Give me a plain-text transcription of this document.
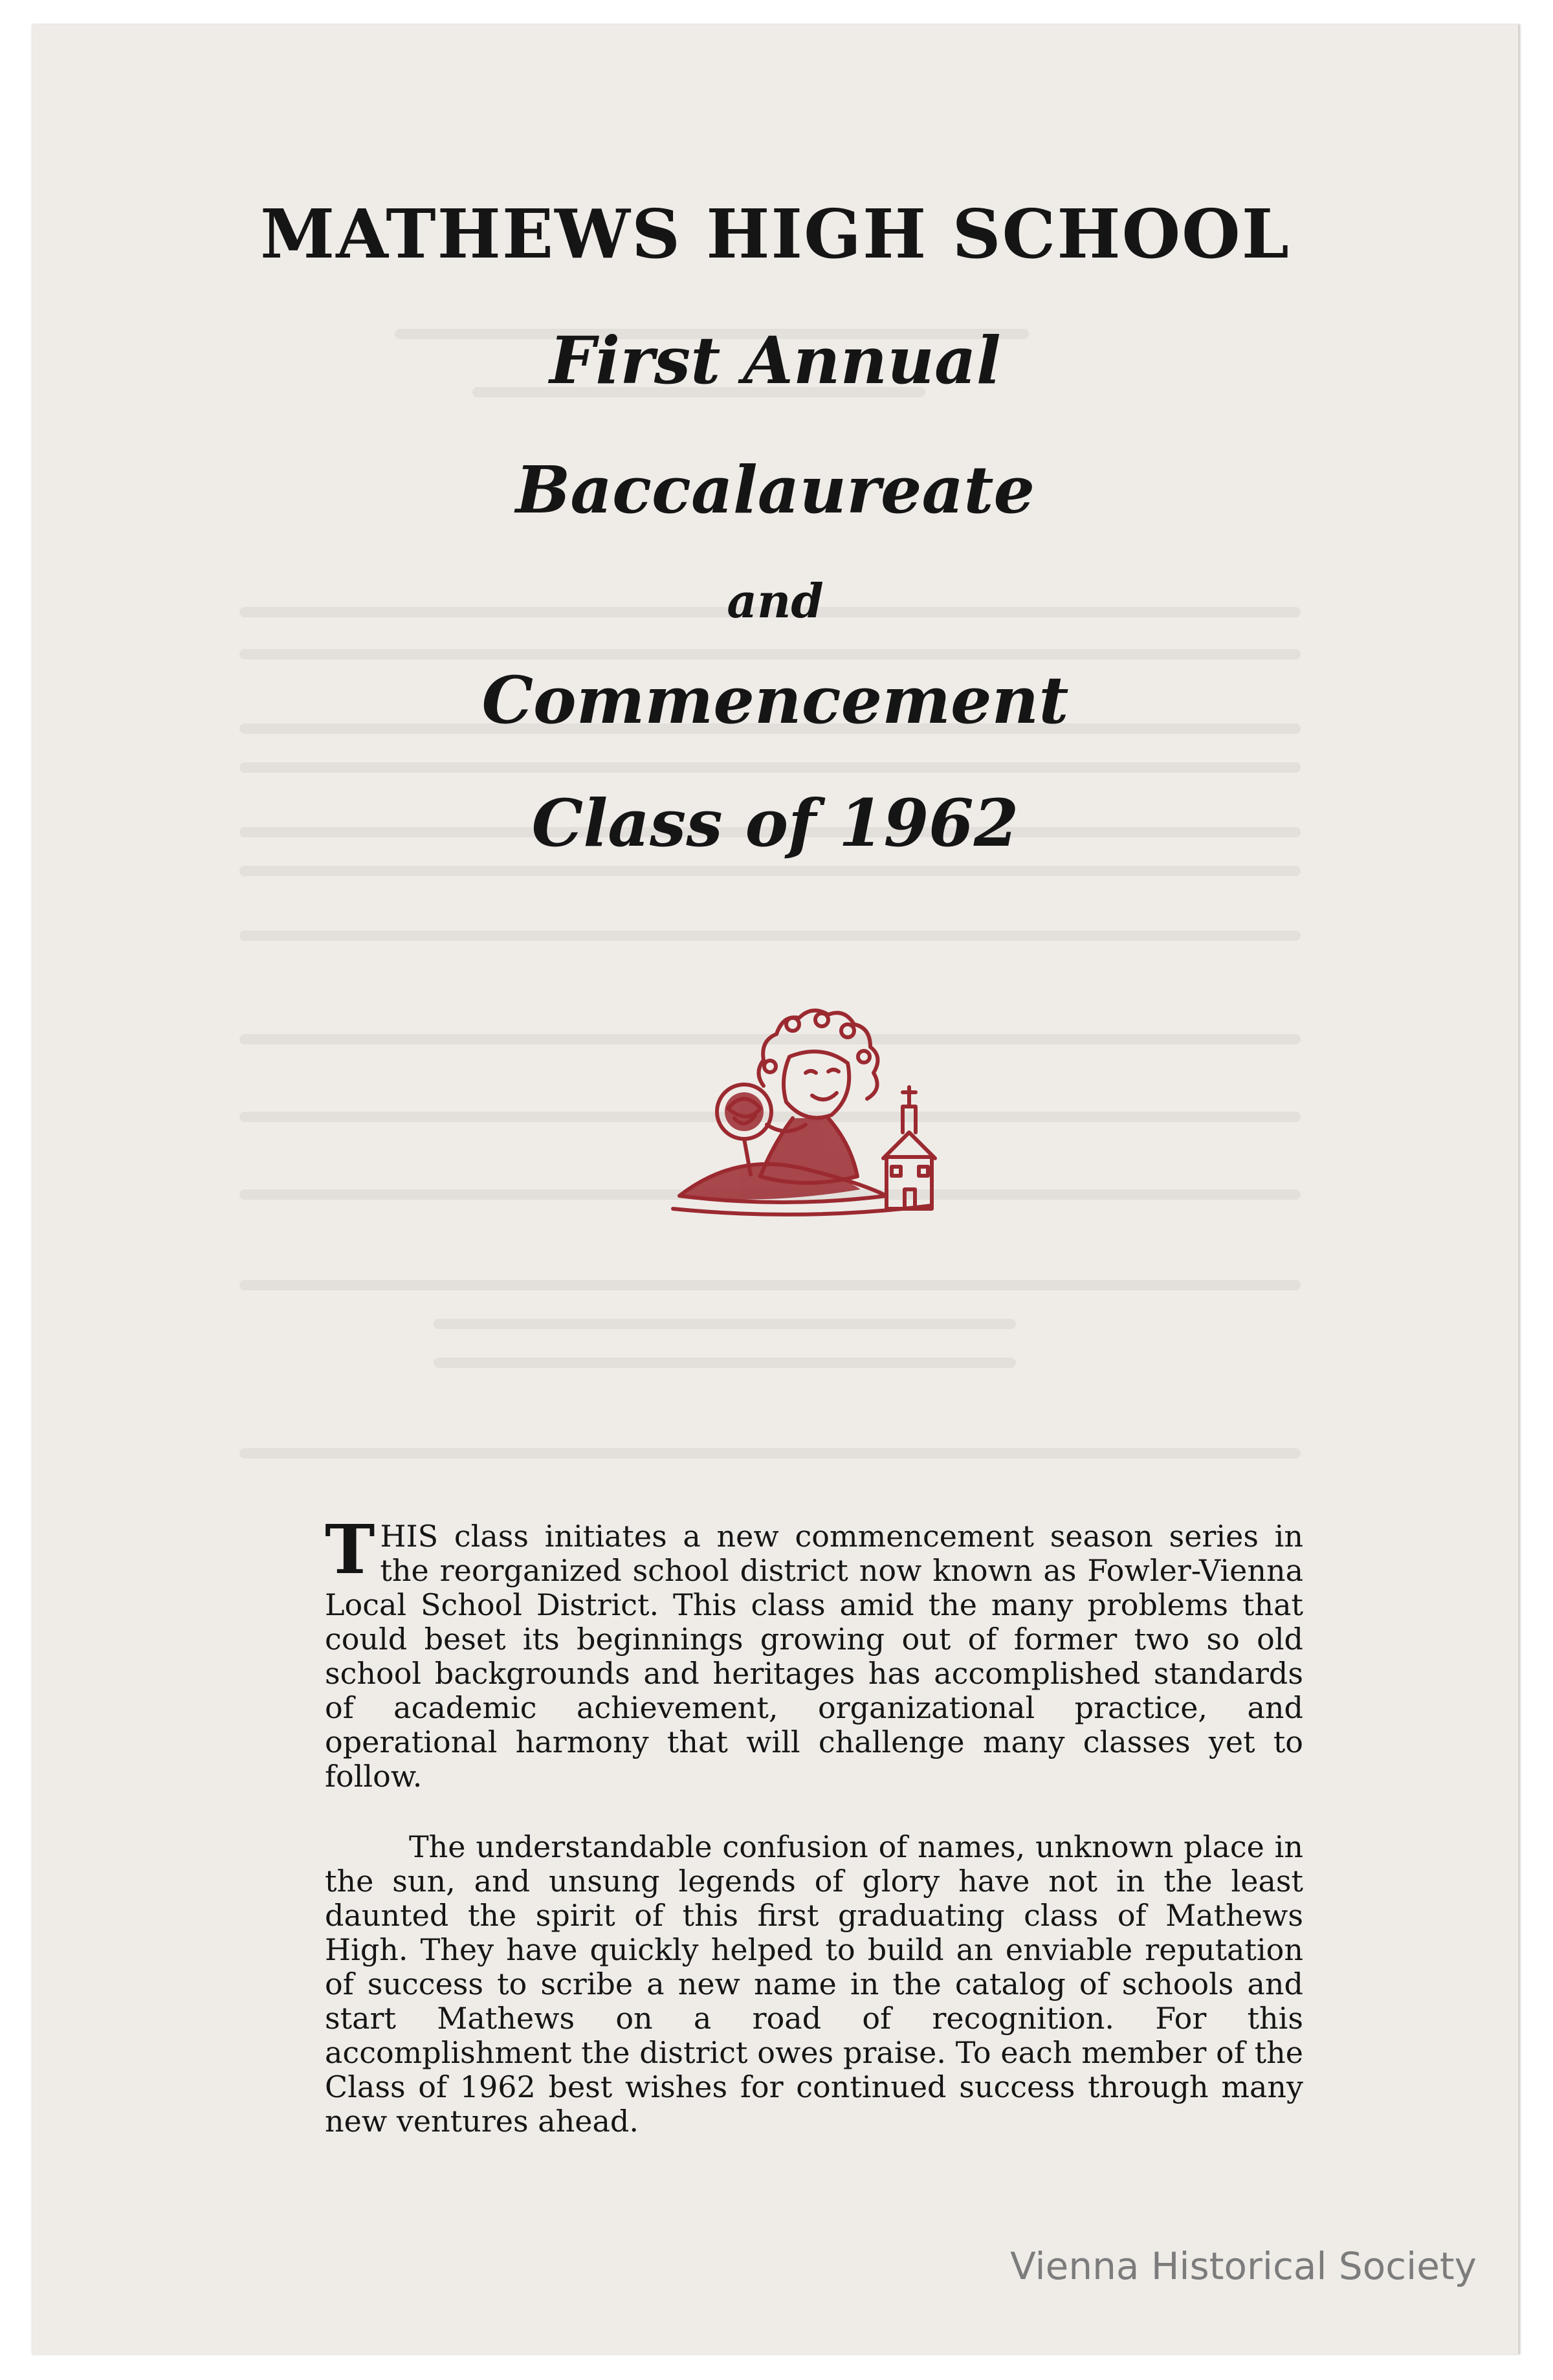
MATHEWS HIGH SCHOOL

First Annual

Baccalaureate

and

Commencement

Class of 1962

THIS class initiates a new commencement season series in the reorganized school district now known as Fowler-Vienna Local School District. This class amid the many problems that could beset its beginnings growing out of former two so old school backgrounds and heritages has accomplished standards of academic achievement, organizational practice, and operational harmony that will challenge many classes yet to follow.

The understandable confusion of names, unknown place in the sun, and unsung legends of glory have not in the least daunted the spirit of this first graduating class of Mathews High. They have quickly helped to build an enviable reputation of success to scribe a new name in the catalog of schools and start Mathews on a road of recognition. For this accomplishment the district owes praise. To each member of the Class of 1962 best wishes for continued success through many new ventures ahead.

Vienna Historical Society
